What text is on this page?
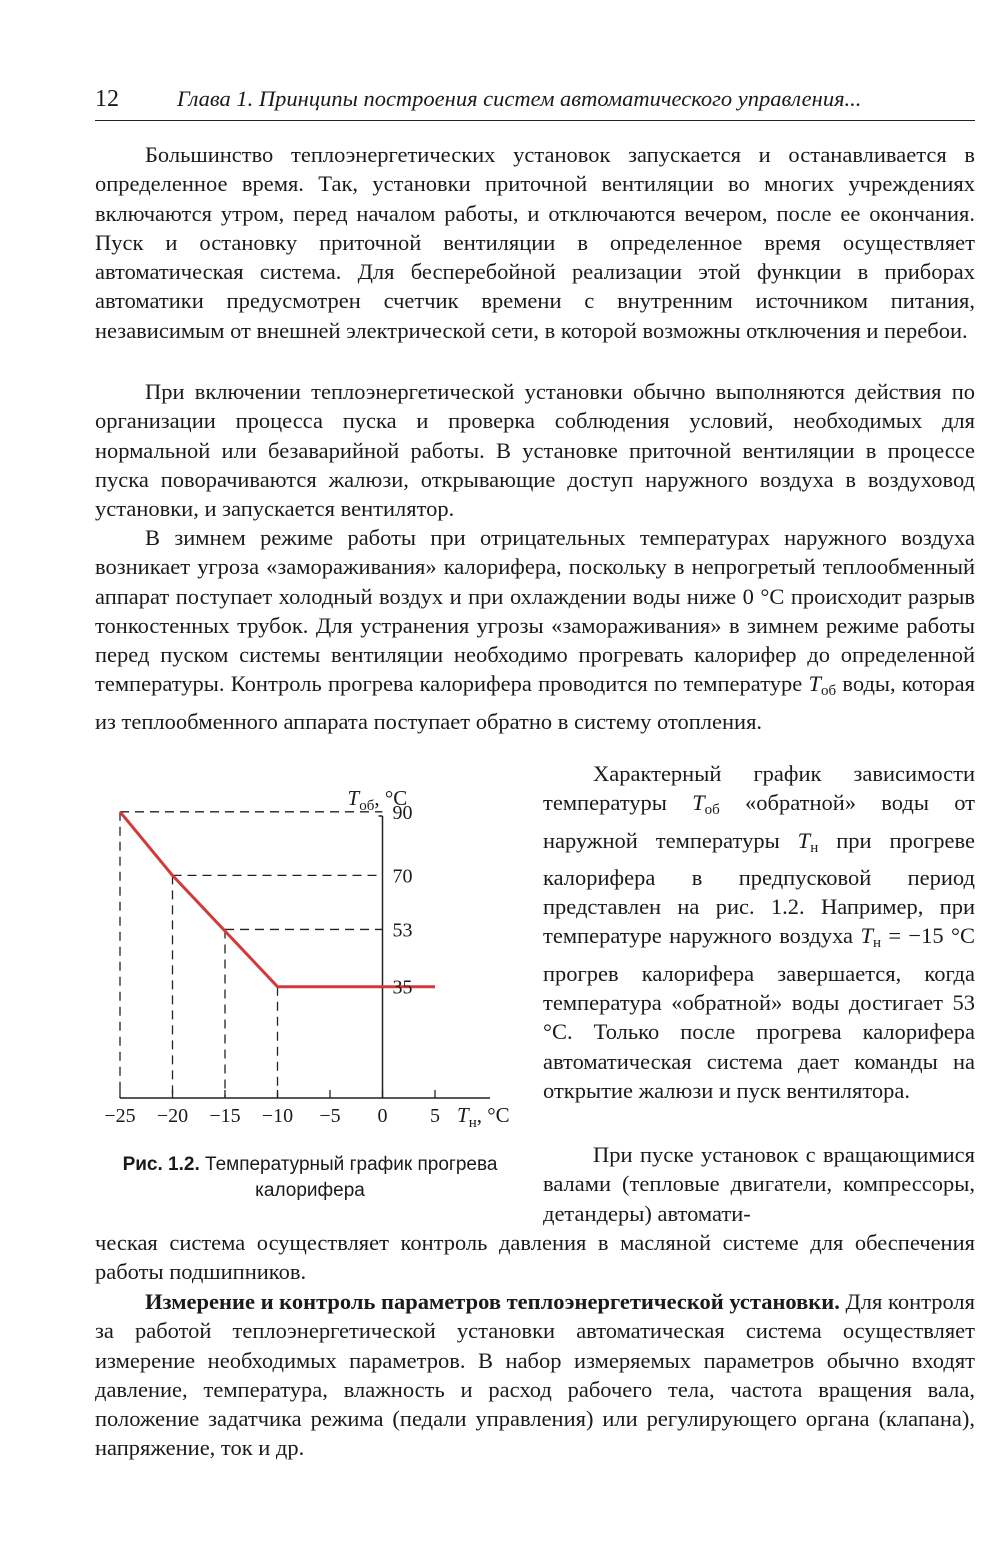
12	Глава 1. Принципы построения систем автоматического управления...

Большинство теплоэнергетических установок запускается и останавливается в определенное время. Так, установки приточной вентиляции во многих учреждениях включаются утром, перед началом работы, и отключаются вечером, после ее окончания. Пуск и остановку приточной вентиляции в определенное время осуществляет автоматическая система. Для бесперебойной реализации этой функции в приборах автоматики предусмотрен счетчик времени с внутренним источником питания, независимым от внешней электрической сети, в которой возможны отключения и перебои.

При включении теплоэнергетической установки обычно выполняются действия по организации процесса пуска и проверка соблюдения условий, необходимых для нормальной или безаварийной работы. В установке приточной вентиляции в процессе пуска поворачиваются жалюзи, открывающие доступ наружного воздуха в воздуховод установки, и запускается вентилятор.

В зимнем режиме работы при отрицательных температурах наружного воздуха возникает угроза «замораживания» калорифера, поскольку в непрогретый теплообменный аппарат поступает холодный воздух и при охлаждении воды ниже 0 °С происходит разрыв тонкостенных трубок. Для устранения угрозы «замораживания» в зимнем режиме работы перед пуском системы вентиляции необходимо прогревать калорифер до определенной температуры. Контроль прогрева калорифера проводится по температуре $T_{об}$ воды, которая из теплообменного аппарата поступает обратно в систему отопления.

Характерный график зависимости температуры $T_{об}$ «обратной» воды от наружной температуры $T_н$ при прогреве калорифера в предпусковой период представлен на рис. 1.2. Например, при температуре наружного воздуха $T_н = -15$ °С прогрев калорифера завершается, когда температура «обратной» воды достигает 53 °С. Только после прогрева калорифера автоматическая система дает команды на открытие жалюзи и пуск вентилятора.

При пуске установок с вращающимися валами (тепловые двигатели, компрессоры, детандеры) автомати-

ческая система осуществляет контроль давления в масляной системе для обеспечения работы подшипников.

Измерение и контроль параметров теплоэнергетической установки. Для контроля за работой теплоэнергетической установки автоматическая система осуществляет измерение необходимых параметров. В набор измеряемых параметров обычно входят давление, температура, влажность и расход рабочего тела, частота вращения вала, положение задатчика режима (педали управления) или регулирующего органа (клапана), напряжение, ток и др.

−25 −20 −15 −10 −5 0 5
90
70
53
35
$T_{об}$, °C
$T_н$, °C
Рис. 1.2. Температурный график прогрева калорифера
